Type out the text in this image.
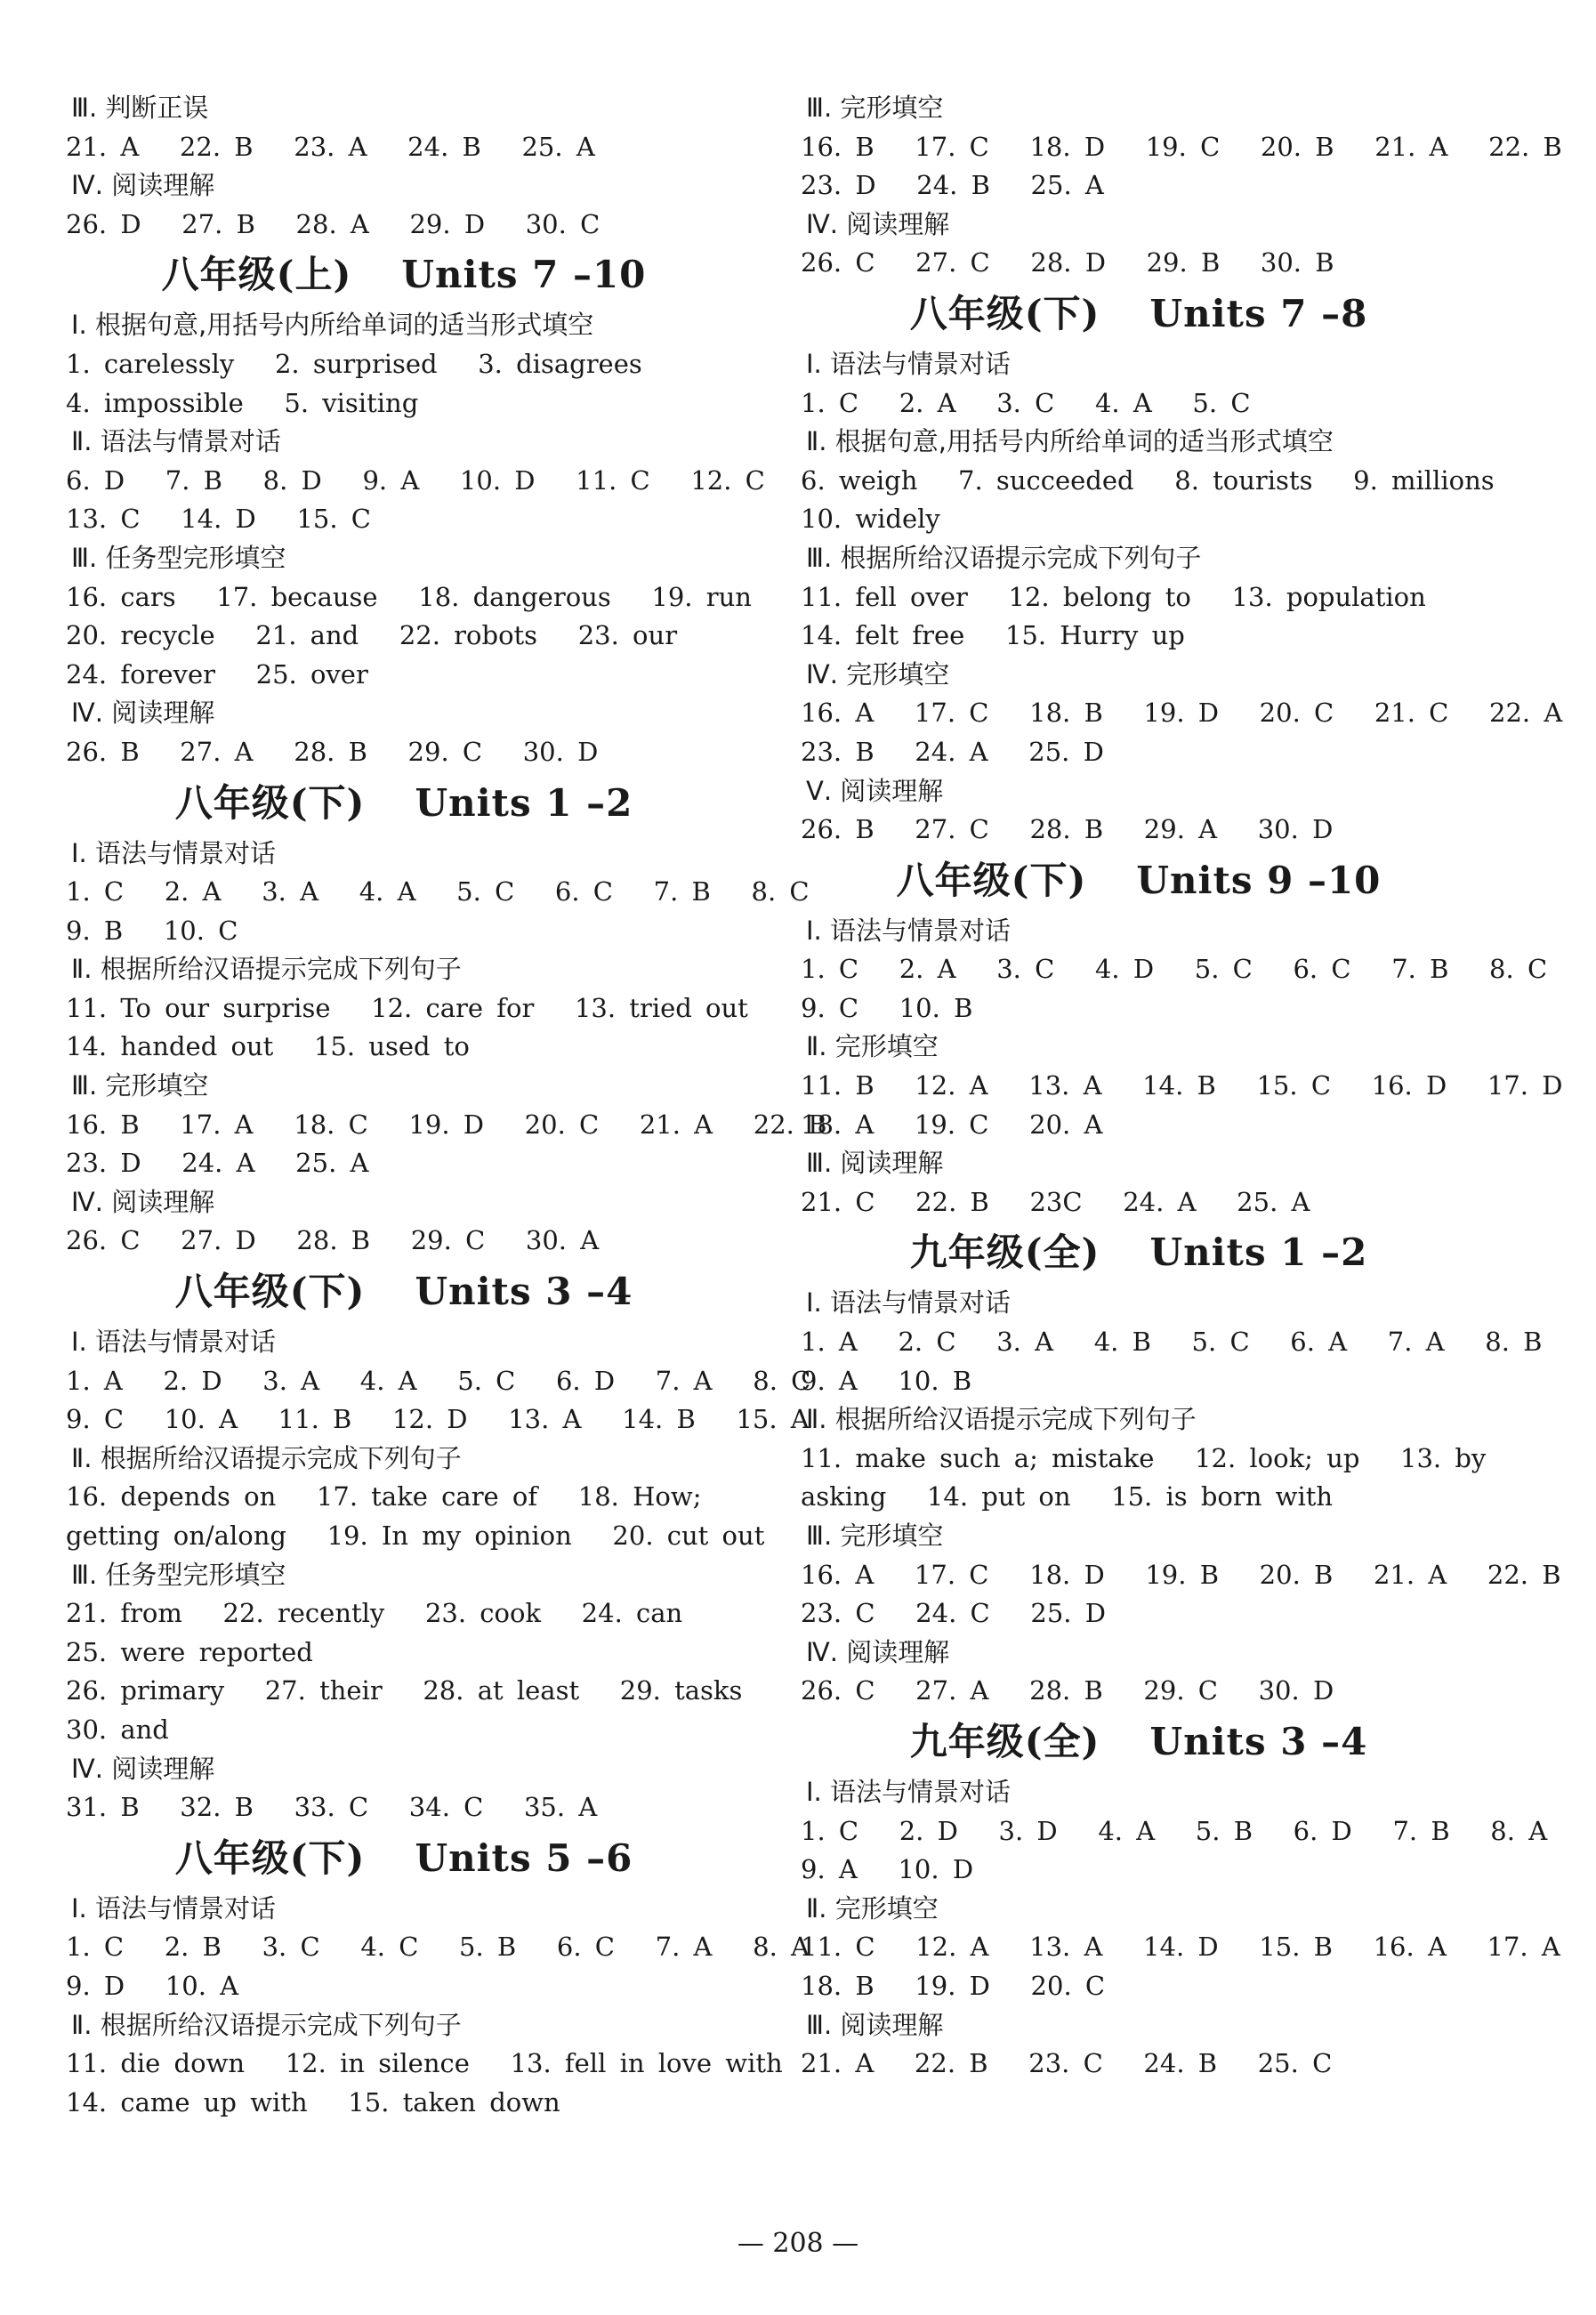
Ⅲ. 判断正误
21. A   22. B   23. A   24. B   25. A
Ⅳ. 阅读理解
26. D   27. B   28. A   29. D   30. C
八年级(上) Units 7 –10
Ⅰ. 根据句意,用括号内所给单词的适当形式填空
1. carelessly   2. surprised   3. disagrees
4. impossible   5. visiting
Ⅱ. 语法与情景对话
6. D   7. B   8. D   9. A   10. D   11. C   12. C
13. C   14. D   15. C
Ⅲ. 任务型完形填空
16. cars   17. because   18. dangerous   19. run
20. recycle   21. and   22. robots   23. our
24. forever   25. over
Ⅳ. 阅读理解
26. B   27. A   28. B   29. C   30. D
八年级(下) Units 1 –2
Ⅰ. 语法与情景对话
1. C   2. A   3. A   4. A   5. C   6. C   7. B   8. C
9. B   10. C
Ⅱ. 根据所给汉语提示完成下列句子
11. To our surprise   12. care for   13. tried out
14. handed out   15. used to
Ⅲ. 完形填空
16. B   17. A   18. C   19. D   20. C   21. A   22. B
23. D   24. A   25. A
Ⅳ. 阅读理解
26. C   27. D   28. B   29. C   30. A
八年级(下) Units 3 –4
Ⅰ. 语法与情景对话
1. A   2. D   3. A   4. A   5. C   6. D   7. A   8. C
9. C   10. A   11. B   12. D   13. A   14. B   15. A
Ⅱ. 根据所给汉语提示完成下列句子
16. depends on   17. take care of   18. How;
getting on/along   19. In my opinion   20. cut out
Ⅲ. 任务型完形填空
21. from   22. recently   23. cook   24. can
25. were reported
26. primary   27. their   28. at least   29. tasks
30. and
Ⅳ. 阅读理解
31. B   32. B   33. C   34. C   35. A
八年级(下) Units 5 –6
Ⅰ. 语法与情景对话
1. C   2. B   3. C   4. C   5. B   6. C   7. A   8. A
9. D   10. A
Ⅱ. 根据所给汉语提示完成下列句子
11. die down   12. in silence   13. fell in love with
14. came up with   15. taken down
Ⅲ. 完形填空
16. B   17. C   18. D   19. C   20. B   21. A   22. B
23. D   24. B   25. A
Ⅳ. 阅读理解
26. C   27. C   28. D   29. B   30. B
八年级(下) Units 7 –8
Ⅰ. 语法与情景对话
1. C   2. A   3. C   4. A   5. C
Ⅱ. 根据句意,用括号内所给单词的适当形式填空
6. weigh   7. succeeded   8. tourists   9. millions
10. widely
Ⅲ. 根据所给汉语提示完成下列句子
11. fell over   12. belong to   13. population
14. felt free   15. Hurry up
Ⅳ. 完形填空
16. A   17. C   18. B   19. D   20. C   21. C   22. A
23. B   24. A   25. D
Ⅴ. 阅读理解
26. B   27. C   28. B   29. A   30. D
八年级(下) Units 9 –10
Ⅰ. 语法与情景对话
1. C   2. A   3. C   4. D   5. C   6. C   7. B   8. C
9. C   10. B
Ⅱ. 完形填空
11. B   12. A   13. A   14. B   15. C   16. D   17. D
18. A   19. C   20. A
Ⅲ. 阅读理解
21. C   22. B   23C   24. A   25. A
九年级(全) Units 1 –2
Ⅰ. 语法与情景对话
1. A   2. C   3. A   4. B   5. C   6. A   7. A   8. B
9. A   10. B
Ⅱ. 根据所给汉语提示完成下列句子
11. make such a; mistake   12. look; up   13. by
asking   14. put on   15. is born with
Ⅲ. 完形填空
16. A   17. C   18. D   19. B   20. B   21. A   22. B
23. C   24. C   25. D
Ⅳ. 阅读理解
26. C   27. A   28. B   29. C   30. D
九年级(全) Units 3 –4
Ⅰ. 语法与情景对话
1. C   2. D   3. D   4. A   5. B   6. D   7. B   8. A
9. A   10. D
Ⅱ. 完形填空
11. C   12. A   13. A   14. D   15. B   16. A   17. A
18. B   19. D   20. C
Ⅲ. 阅读理解
21. A   22. B   23. C   24. B   25. C
— 208 —
